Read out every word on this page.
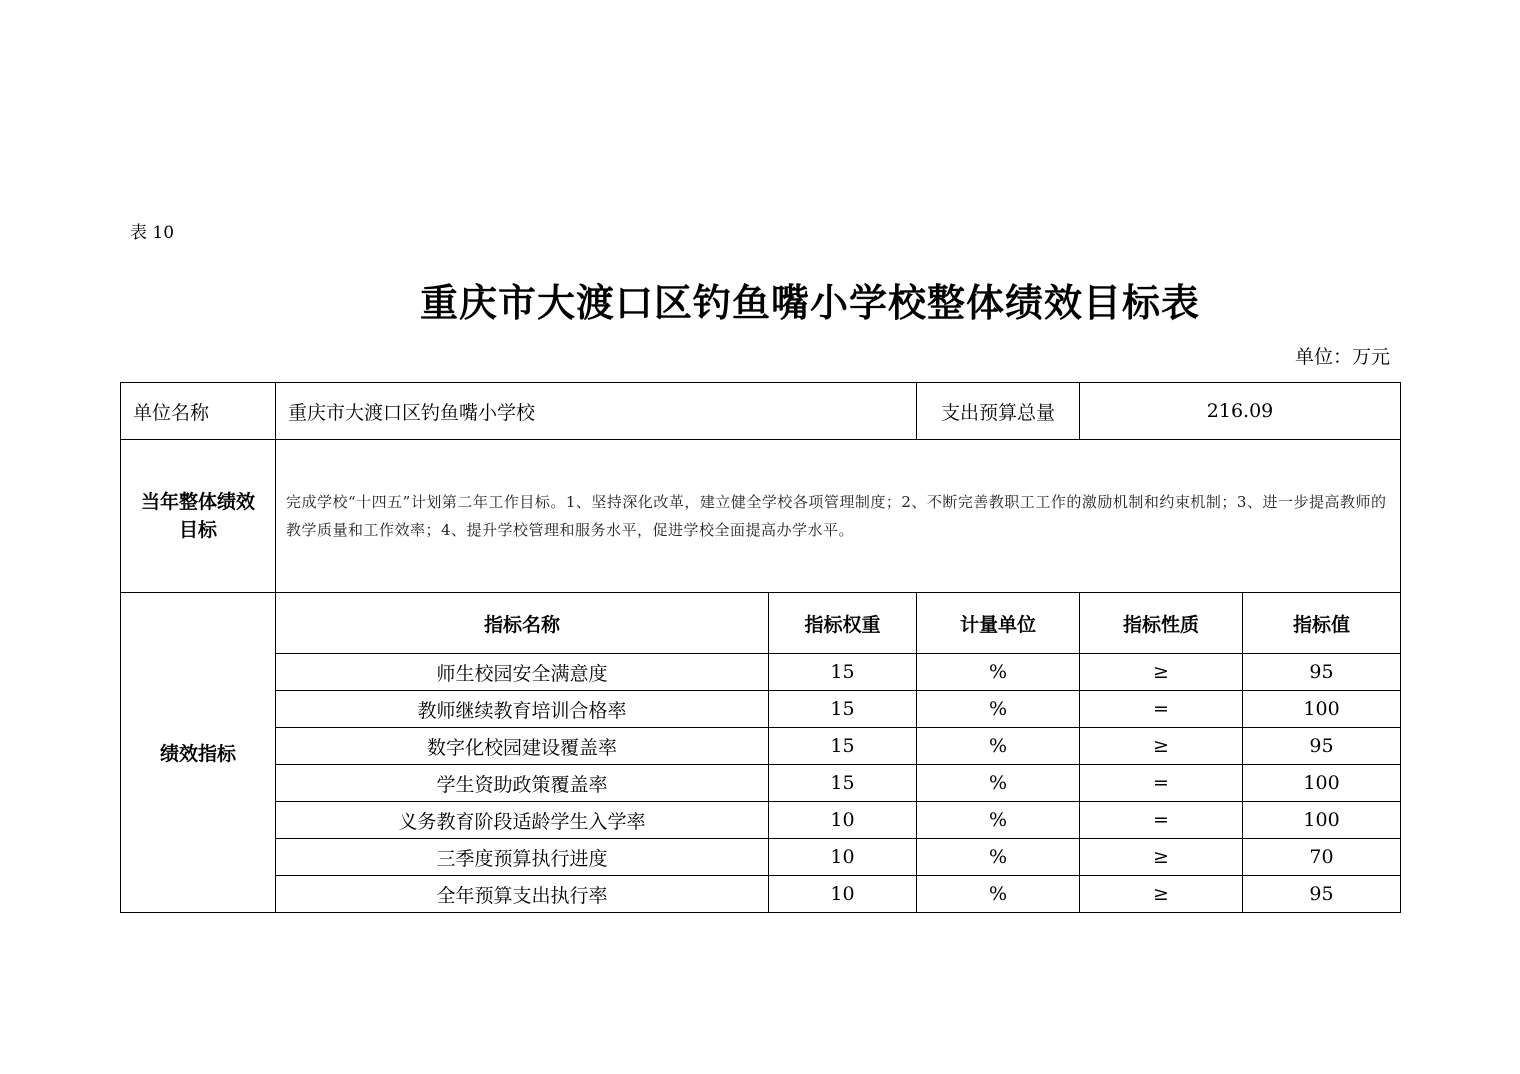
表 10
重庆市大渡口区钓鱼嘴小学校整体绩效目标表
单位：万元
单位名称	重庆市大渡口区钓鱼嘴小学校		支出预算总量	216.09	
当年整体绩效
目标	完成学校“十四五”计划第二年工作目标。1、坚持深化改革，建立健全学校各项管理制度；2、不断完善教职工工作的激励机制和约束机制；3、进一步提高教师的教学质量和工作效率；4、提升学校管理和服务水平，促进学校全面提高办学水平。				
绩效指标	指标名称	指标权重	计量单位	指标性质	指标值
	师生校园安全满意度	15	%	≥	95
	教师继续教育培训合格率	15	%	=	100
	数字化校园建设覆盖率	15	%	≥	95
	学生资助政策覆盖率	15	%	=	100
	义务教育阶段适龄学生入学率	10	%	=	100
	三季度预算执行进度	10	%	≥	70
	全年预算支出执行率	10	%	≥	95
